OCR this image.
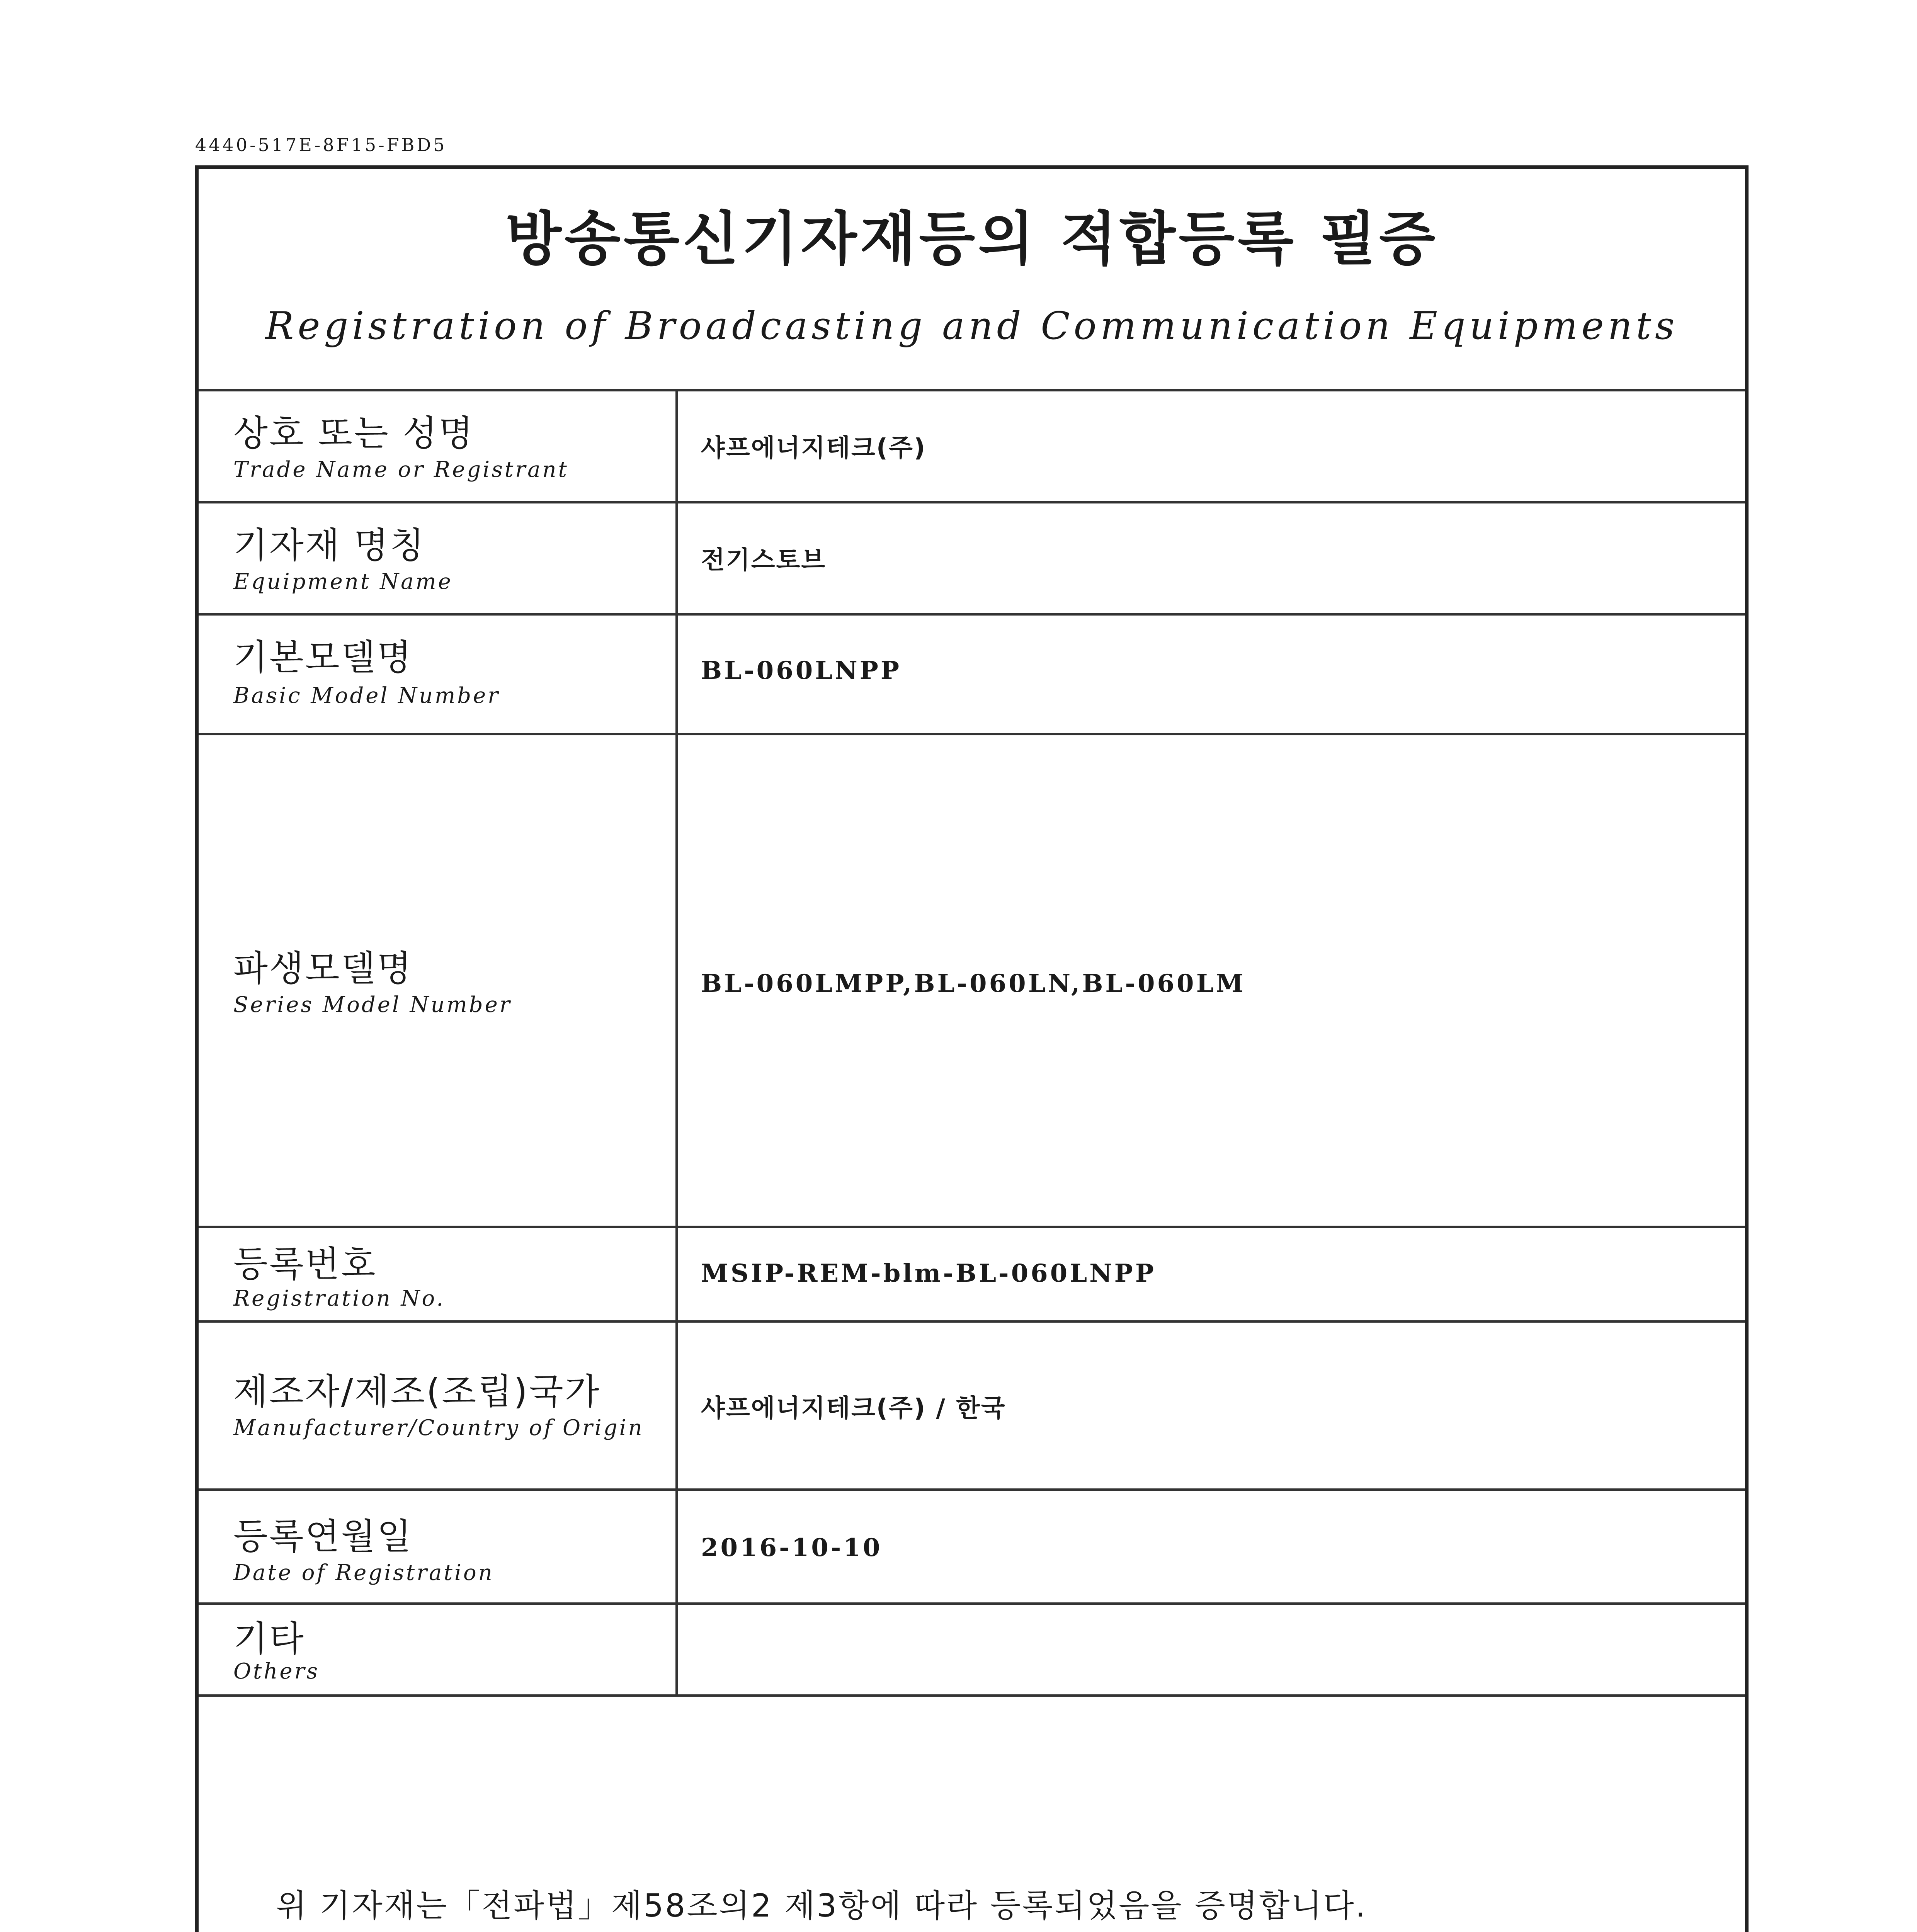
4440-517E-8F15-FBD5
방송통신기자재등의 적합등록 필증
Registration of Broadcasting and Communication Equipments
상호 또는 성명
Trade Name or Registrant
샤프에너지테크(주)
기자재 명칭
Equipment Name
전기스토브
기본모델명
Basic Model Number
BL-060LNPP
파생모델명
Series Model Number
BL-060LMPP,BL-060LN,BL-060LM
등록번호
Registration No.
MSIP-REM-blm-BL-060LNPP
제조자/제조(조립)국가
Manufacturer/Country of Origin
샤프에너지테크(주) / 한국
등록연월일
Date of Registration
2016-10-10
기타
Others
위 기자재는「전파법」제58조의2 제3항에 따라 등록되었음을 증명합니다.
